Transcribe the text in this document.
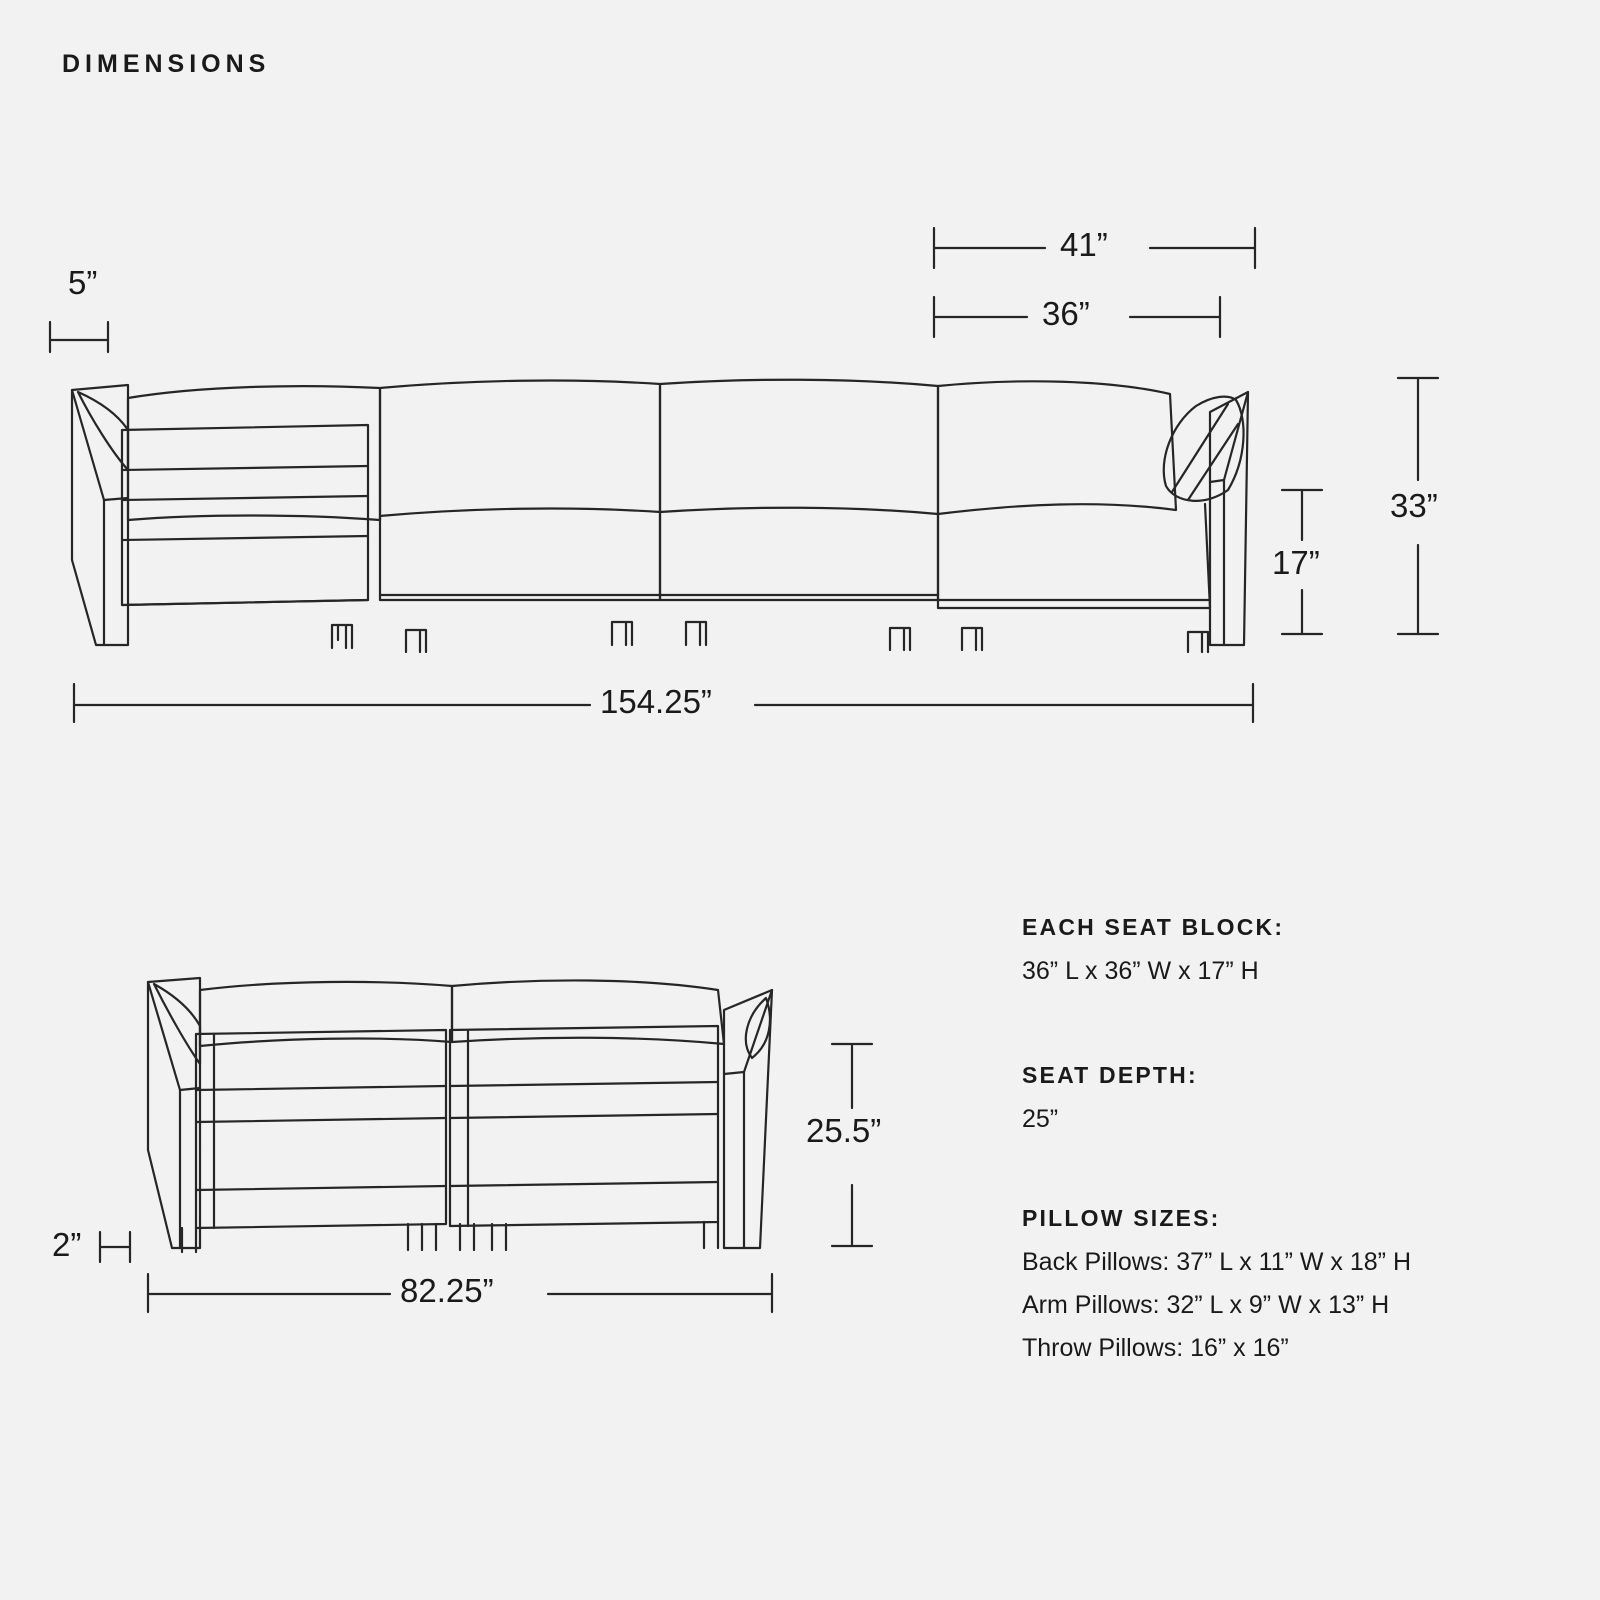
DIMENSIONS
5”
41”
36”
33”
17”
154.25”
2”
25.5”
82.25”
EACH SEAT BLOCK:
36” L x 36” W x 17” H
SEAT DEPTH:
25”
PILLOW SIZES:
Back Pillows: 37” L x 11” W x 18” H
Arm Pillows: 32” L x 9” W x 13” H
Throw Pillows: 16” x 16”
